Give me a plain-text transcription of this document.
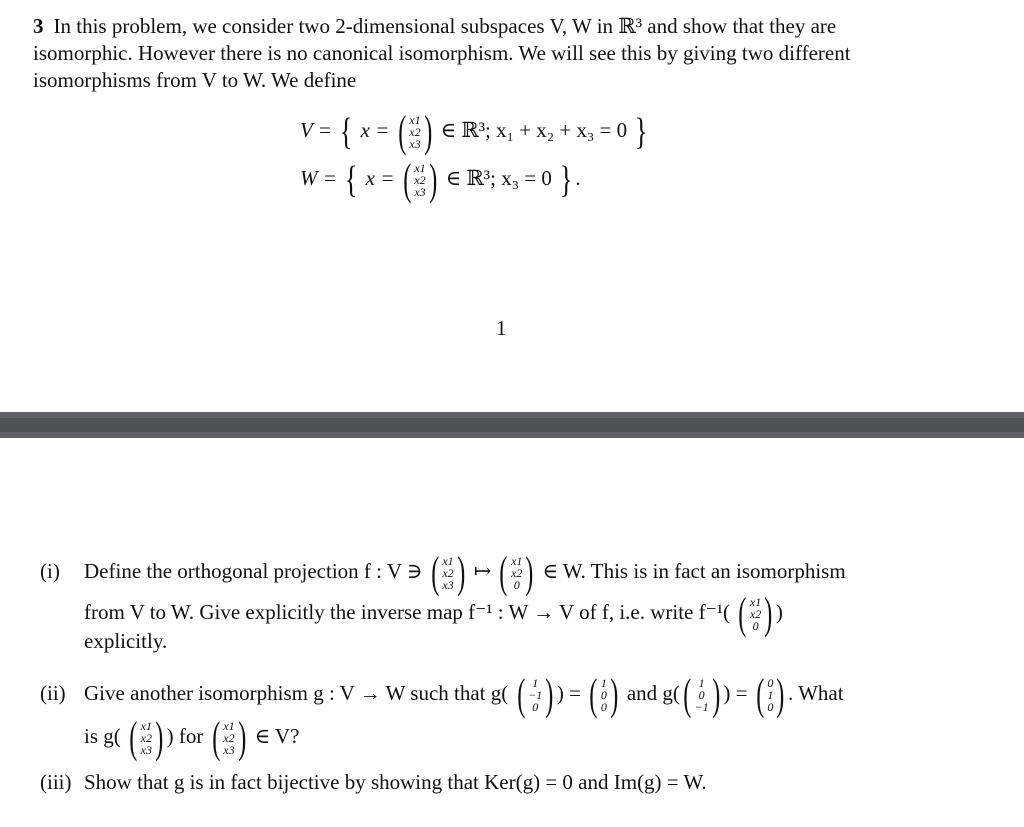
3 In this problem, we consider two 2-dimensional subspaces V, W in ℝ³ and show that they are
isomorphic. However there is no canonical isomorphism. We will see this by giving two different
isomorphisms from V to W. We define
V = { x = ( x1
x2
x3 ) ∈ ℝ³; x₁ + x₂ + x₃ = 0 }
W = { x = ( x1
x2
x3 ) ∈ ℝ³; x₃ = 0 } .
1
(i) Define the orthogonal projection f : V ∋ ( x1
x2
x3 ) ↦ ( x1
x2
0 ) ∈ W. This is in fact an isomorphism
from V to W. Give explicitly the inverse map f⁻¹ : W → V of f, i.e. write f⁻¹( ( x1
x2
0 ) )
explicitly.
(ii) Give another isomorphism g : V → W such that g( ( 1
−1
0 ) ) = ( 1
0
0 ) and g( ( 1
0
−1 ) ) = ( 0
1
0 ) . What
is g( ( x1
x2
x3 ) ) for ( x1
x2
x3 ) ∈ V?
(iii) Show that g is in fact bijective by showing that Ker(g) = 0 and Im(g) = W.
